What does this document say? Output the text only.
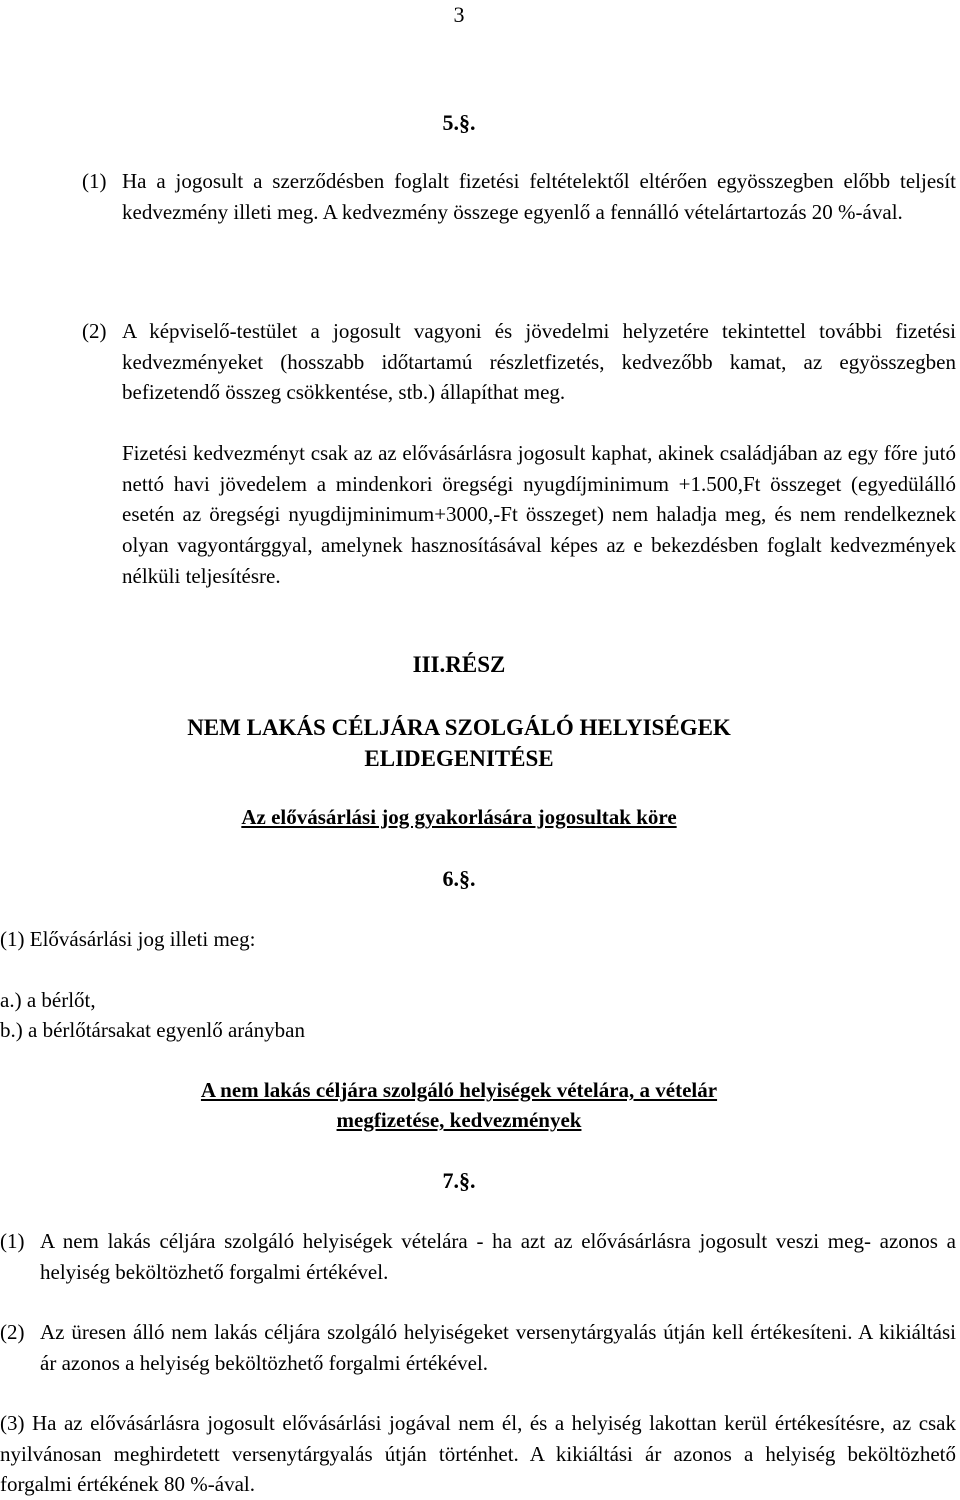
3
5.§.
(1) Ha a jogosult a szerződésben foglalt fizetési feltételektől eltérően egyösszegben előbb teljesít kedvezmény illeti meg. A kedvezmény összege egyenlő a fennálló vételártartozás 20 %-ával.
(2) A képviselő-testület a jogosult vagyoni és jövedelmi helyzetére tekintettel további fizetési kedvezményeket (hosszabb időtartamú részletfizetés, kedvezőbb kamat, az egyösszegben befizetendő összeg csökkentése, stb.) állapíthat meg.
Fizetési kedvezményt csak az az elővásárlásra jogosult kaphat, akinek családjában az egy főre jutó nettó havi jövedelem a mindenkori öregségi nyugdíjminimum +1.500,Ft összeget (egyedülálló esetén az öregségi nyugdijminimum+3000,-Ft összeget) nem haladja meg, és nem rendelkeznek olyan vagyontárggyal, amelynek hasznosításával képes az e bekezdésben foglalt kedvezmények nélküli teljesítésre.
III.RÉSZ
NEM LAKÁS CÉLJÁRA SZOLGÁLÓ HELYISÉGEK
ELIDEGENITÉSE
Az elővásárlási jog gyakorlására jogosultak köre
6.§.
(1) Elővásárlási jog illeti meg:
a.) a bérlőt,
b.) a bérlőtársakat egyenlő arányban
A nem lakás céljára szolgáló helyiségek vételára, a vételár
megfizetése, kedvezmények
7.§.
(1) A nem lakás céljára szolgáló helyiségek vételára - ha azt az elővásárlásra jogosult veszi meg- azonos a helyiség beköltözhető forgalmi értékével.
(2) Az üresen álló nem lakás céljára szolgáló helyiségeket versenytárgyalás útján kell értékesíteni. A kikiáltási ár azonos a helyiség beköltözhető forgalmi értékével.
(3) Ha az elővásárlásra jogosult elővásárlási jogával nem él, és a helyiség lakottan kerül értékesítésre, az csak nyilvánosan meghirdetett versenytárgyalás útján történhet. A kikiáltási ár azonos a helyiség beköltözhető forgalmi értékének 80 %-ával.
